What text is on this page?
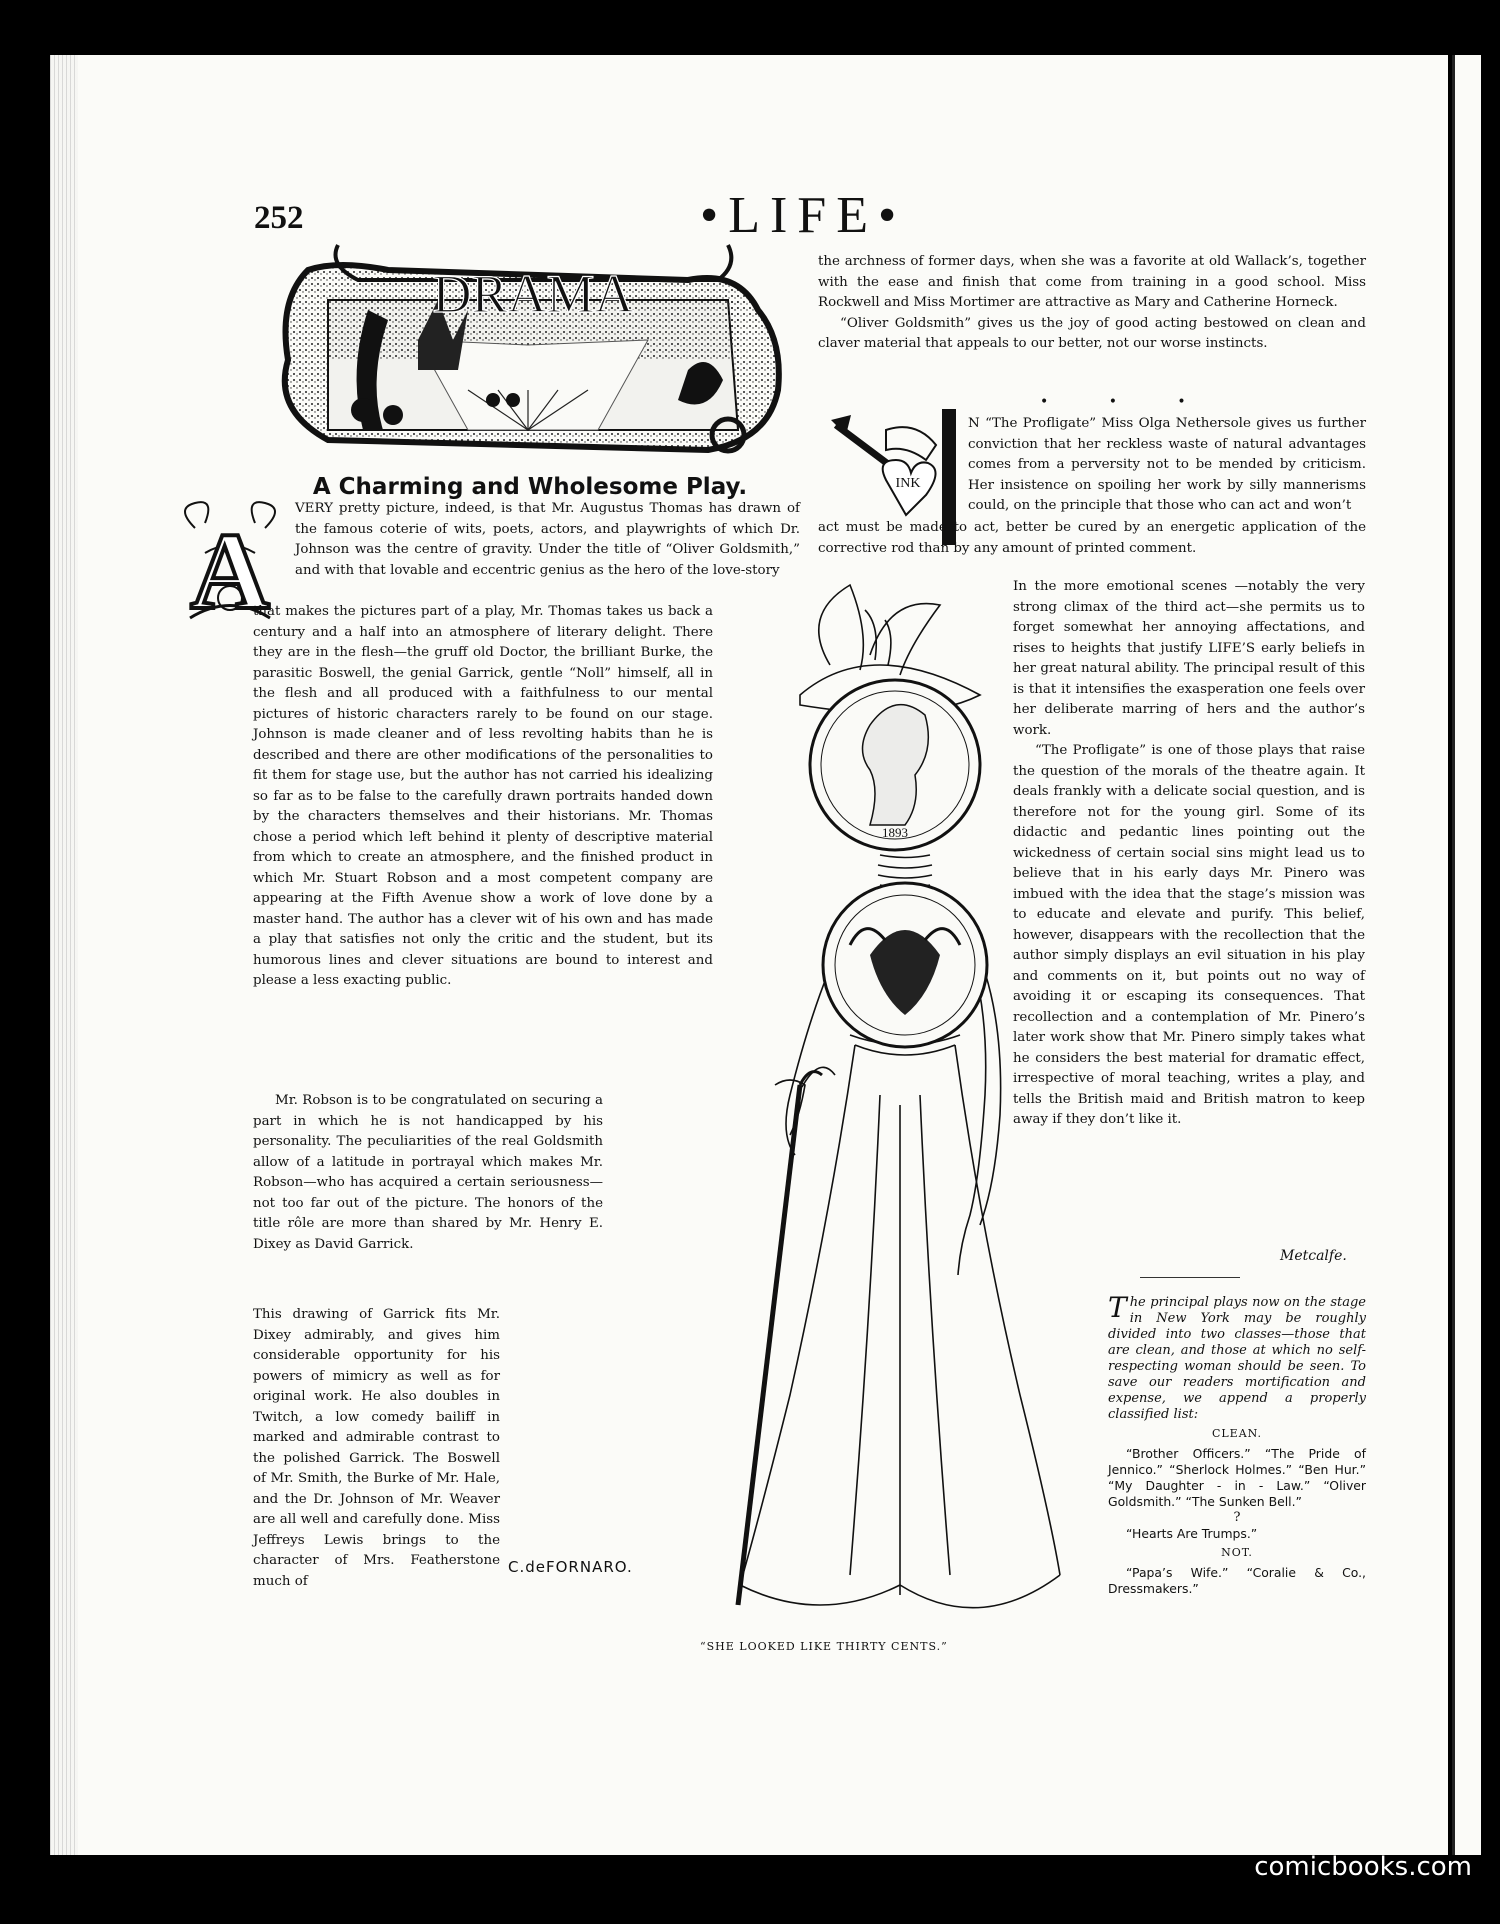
252	•LIFE•
DRAMA
A Charming and Wholesome Play.
A

VERY pretty picture, indeed, is that Mr. Augustus Thomas has drawn of the famous coterie of wits, poets, actors, and playwrights of which Dr. Johnson was the centre of gravity. Under the title of “Oliver Goldsmith,” and with that lovable and eccentric genius as the hero of the love-story

that makes the pictures part of a play, Mr. Thomas takes us back a century and a half into an atmosphere of literary delight. There they are in the flesh—the gruff old Doctor, the brilliant Burke, the parasitic Boswell, the genial Garrick, gentle “Noll” himself, all in the flesh and all produced with a faithfulness to our mental pictures of historic characters rarely to be found on our stage. Johnson is made cleaner and of less revolting habits than he is described and there are other modifications of the personalities to fit them for stage use, but the author has not carried his idealizing so far as to be false to the carefully drawn portraits handed down by the characters themselves and their historians. Mr. Thomas chose a period which left behind it plenty of descriptive material from which to create an atmosphere, and the finished product in which Mr. Stuart Robson and a most competent company are appearing at the Fifth Avenue show a work of love done by a master hand. The author has a clever wit of his own and has made a play that satisfies not only the critic and the student, but its humorous lines and clever situations are bound to interest and please a less exacting public.

Mr. Robson is to be congratulated on securing a part in which he is not handicapped by his personality. The peculiarities of the real Goldsmith allow of a latitude in portrayal which makes Mr. Robson—who has acquired a certain seriousness—not too far out of the picture. The honors of the title rôle are more than shared by Mr. Henry E. Dixey as David Garrick.

This drawing of Garrick fits Mr. Dixey admirably, and gives him considerable opportunity for his powers of mimicry as well as for original work. He also doubles in Twitch, a low comedy bailiff in marked and admirable contrast to the polished Garrick. The Boswell of Mr. Smith, the Burke of Mr. Hale, and the Dr. Johnson of Mr. Weaver are all well and carefully done. Miss Jeffreys Lewis brings to the character of Mrs. Featherstone much of

the archness of former days, when she was a favorite at old Wallack’s, together with the ease and finish that come from training in a good school. Miss Rockwell and Miss Mortimer are attractive as Mary and Catherine Horneck.

“Oliver Goldsmith” gives us the joy of good acting bestowed on clean and claver material that appeals to our better, not our worse instincts.

• • •
INK

N “The Profligate” Miss Olga Nethersole gives us further conviction that her reckless waste of natural advantages comes from a perversity not to be mended by criticism. Her insistence on spoiling her work by silly mannerisms could, on the principle that those who can act and won’t

act must be made to act, better be cured by an energetic application of the corrective rod than by any amount of printed comment.

In the more emotional scenes —notably the very strong climax of the third act—she permits us to forget somewhat her annoying affectations, and rises to heights that justify LIFE’S early beliefs in her great natural ability. The principal result of this is that it intensifies the exasperation one feels over her deliberate marring of hers and the author’s work.

“The Profligate” is one of those plays that raise the question of the morals of the theatre again. It deals frankly with a delicate social question, and is therefore not for the young girl. Some of its didactic and pedantic lines pointing out the wickedness of certain social sins might lead us to believe that in his early days Mr. Pinero was imbued with the idea that the stage’s mission was to educate and elevate and purify. This belief, however, disappears with the recollection that the author simply displays an evil situation in his play and comments on it, but points out no way of avoiding it or escaping its consequences. That recollection and a contemplation of Mr. Pinero’s later work show that Mr. Pinero simply takes what he considers the best material for dramatic effect, irrespective of moral teaching, writes a play, and tells the British maid and British matron to keep away if they don’t like it.

Metcalfe.
The principal plays now on the stage in New York may be roughly divided into two classes—those that are clean, and those at which no self-respecting woman should be seen. To save our readers mortification and expense, we append a properly classified list:
CLEAN.
“Brother Officers.” “The Pride of Jennico.” “Sherlock Holmes.” “Ben Hur.” “My Daughter - in - Law.” “Oliver Goldsmith.” “The Sunken Bell.”

?

“Hearts Are Trumps.”
NOT.
“Papa’s Wife.” “Coralie & Co., Dressmakers.”
1893
C.deFORNARO.
“SHE LOOKED LIKE THIRTY CENTS.”
comicbooks.com
